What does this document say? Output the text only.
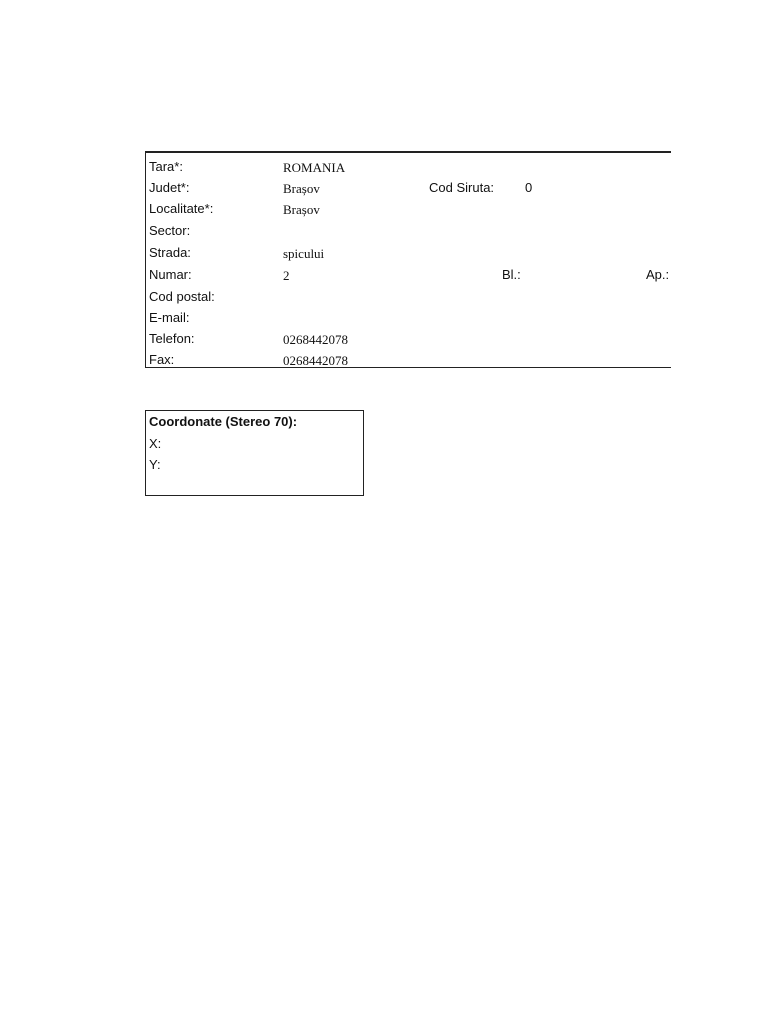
Tara*:	ROMANIA
Judet*:	Brașov	Cod Siruta: 0
Localitate*:	Brașov
Sector:
Strada:	spicului
Numar:	2	Bl.:	Ap.:
Cod postal:
E-mail:
Telefon:	0268442078
Fax:	0268442078
Coordonate (Stereo 70):
X:
Y:
